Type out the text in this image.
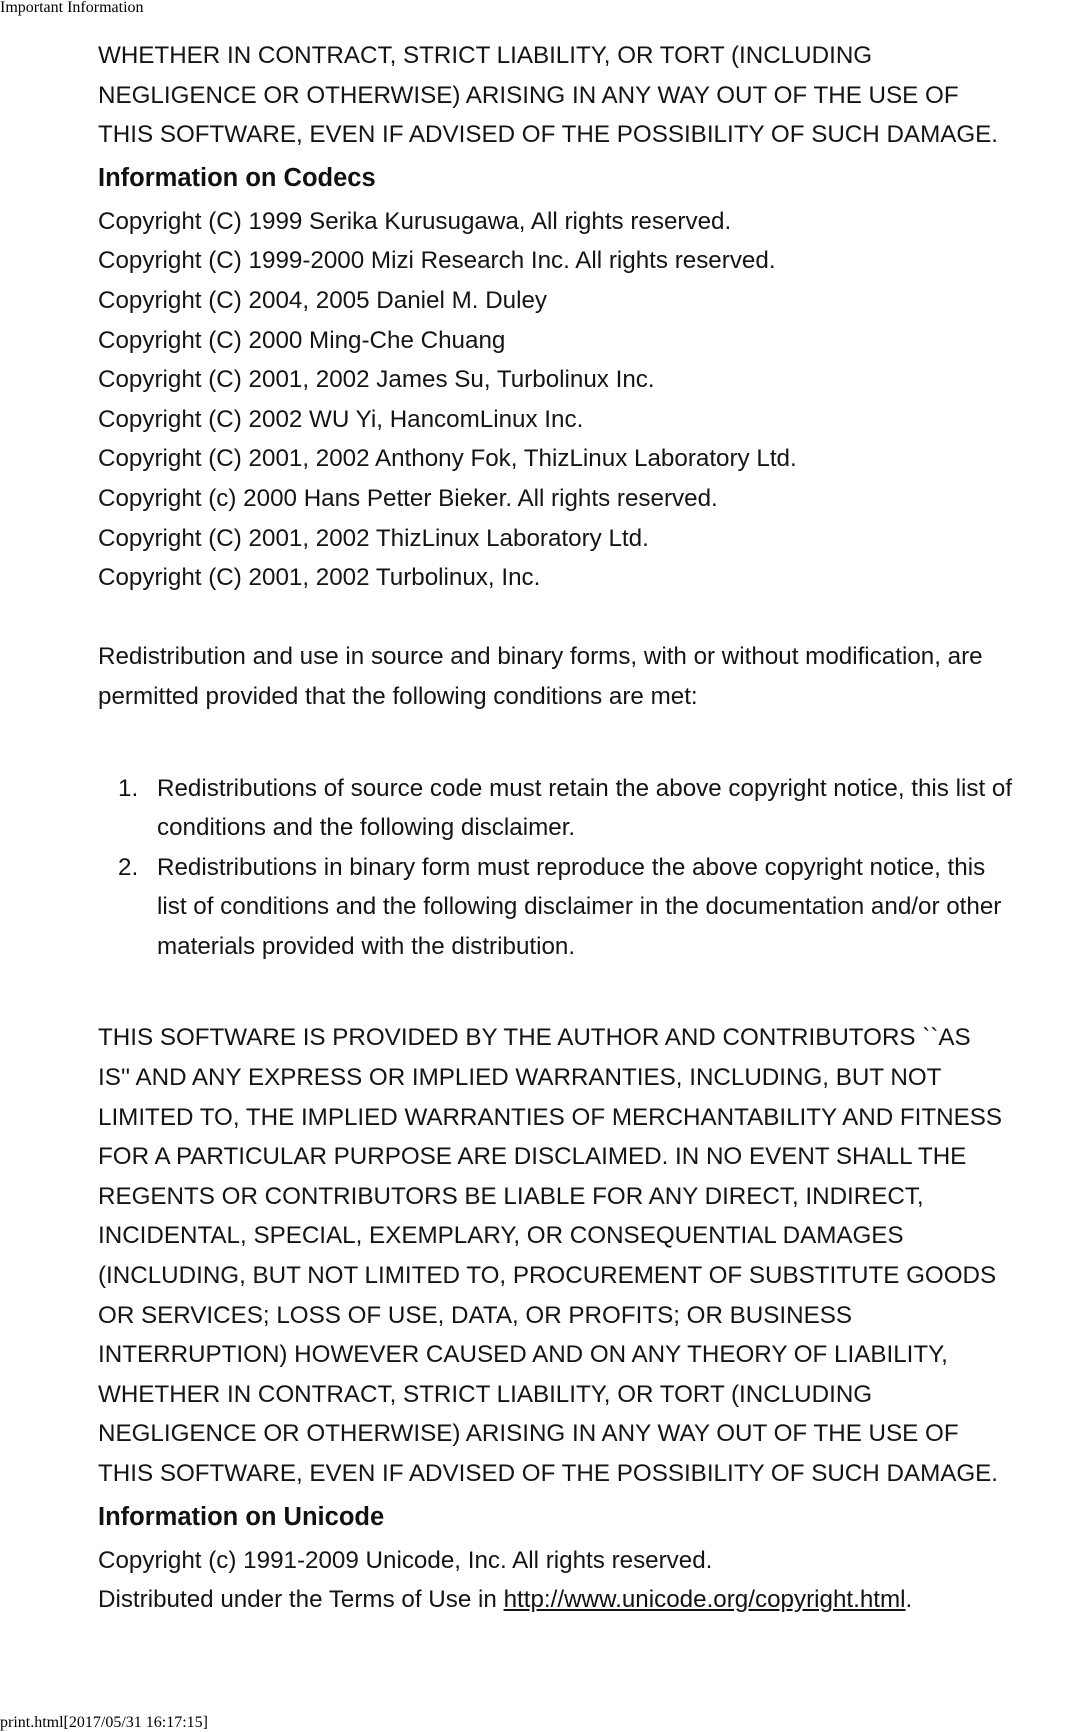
Important Information
WHETHER IN CONTRACT, STRICT LIABILITY, OR TORT (INCLUDING
NEGLIGENCE OR OTHERWISE) ARISING IN ANY WAY OUT OF THE USE OF
THIS SOFTWARE, EVEN IF ADVISED OF THE POSSIBILITY OF SUCH DAMAGE.
Information on Codecs
Copyright (C) 1999 Serika Kurusugawa, All rights reserved.
Copyright (C) 1999-2000 Mizi Research Inc. All rights reserved.
Copyright (C) 2004, 2005 Daniel M. Duley
Copyright (C) 2000 Ming-Che Chuang
Copyright (C) 2001, 2002 James Su, Turbolinux Inc.
Copyright (C) 2002 WU Yi, HancomLinux Inc.
Copyright (C) 2001, 2002 Anthony Fok, ThizLinux Laboratory Ltd.
Copyright (c) 2000 Hans Petter Bieker. All rights reserved.
Copyright (C) 2001, 2002 ThizLinux Laboratory Ltd.
Copyright (C) 2001, 2002 Turbolinux, Inc.
Redistribution and use in source and binary forms, with or without modification, are
permitted provided that the following conditions are met:
1. Redistributions of source code must retain the above copyright notice, this list of
conditions and the following disclaimer.
2. Redistributions in binary form must reproduce the above copyright notice, this
list of conditions and the following disclaimer in the documentation and/or other
materials provided with the distribution.
THIS SOFTWARE IS PROVIDED BY THE AUTHOR AND CONTRIBUTORS ``AS
IS'' AND ANY EXPRESS OR IMPLIED WARRANTIES, INCLUDING, BUT NOT
LIMITED TO, THE IMPLIED WARRANTIES OF MERCHANTABILITY AND FITNESS
FOR A PARTICULAR PURPOSE ARE DISCLAIMED. IN NO EVENT SHALL THE
REGENTS OR CONTRIBUTORS BE LIABLE FOR ANY DIRECT, INDIRECT,
INCIDENTAL, SPECIAL, EXEMPLARY, OR CONSEQUENTIAL DAMAGES
(INCLUDING, BUT NOT LIMITED TO, PROCUREMENT OF SUBSTITUTE GOODS
OR SERVICES; LOSS OF USE, DATA, OR PROFITS; OR BUSINESS
INTERRUPTION) HOWEVER CAUSED AND ON ANY THEORY OF LIABILITY,
WHETHER IN CONTRACT, STRICT LIABILITY, OR TORT (INCLUDING
NEGLIGENCE OR OTHERWISE) ARISING IN ANY WAY OUT OF THE USE OF
THIS SOFTWARE, EVEN IF ADVISED OF THE POSSIBILITY OF SUCH DAMAGE.
Information on Unicode
Copyright (c) 1991-2009 Unicode, Inc. All rights reserved.
Distributed under the Terms of Use in http://www.unicode.org/copyright.html.
print.html[2017/05/31 16:17:15]
